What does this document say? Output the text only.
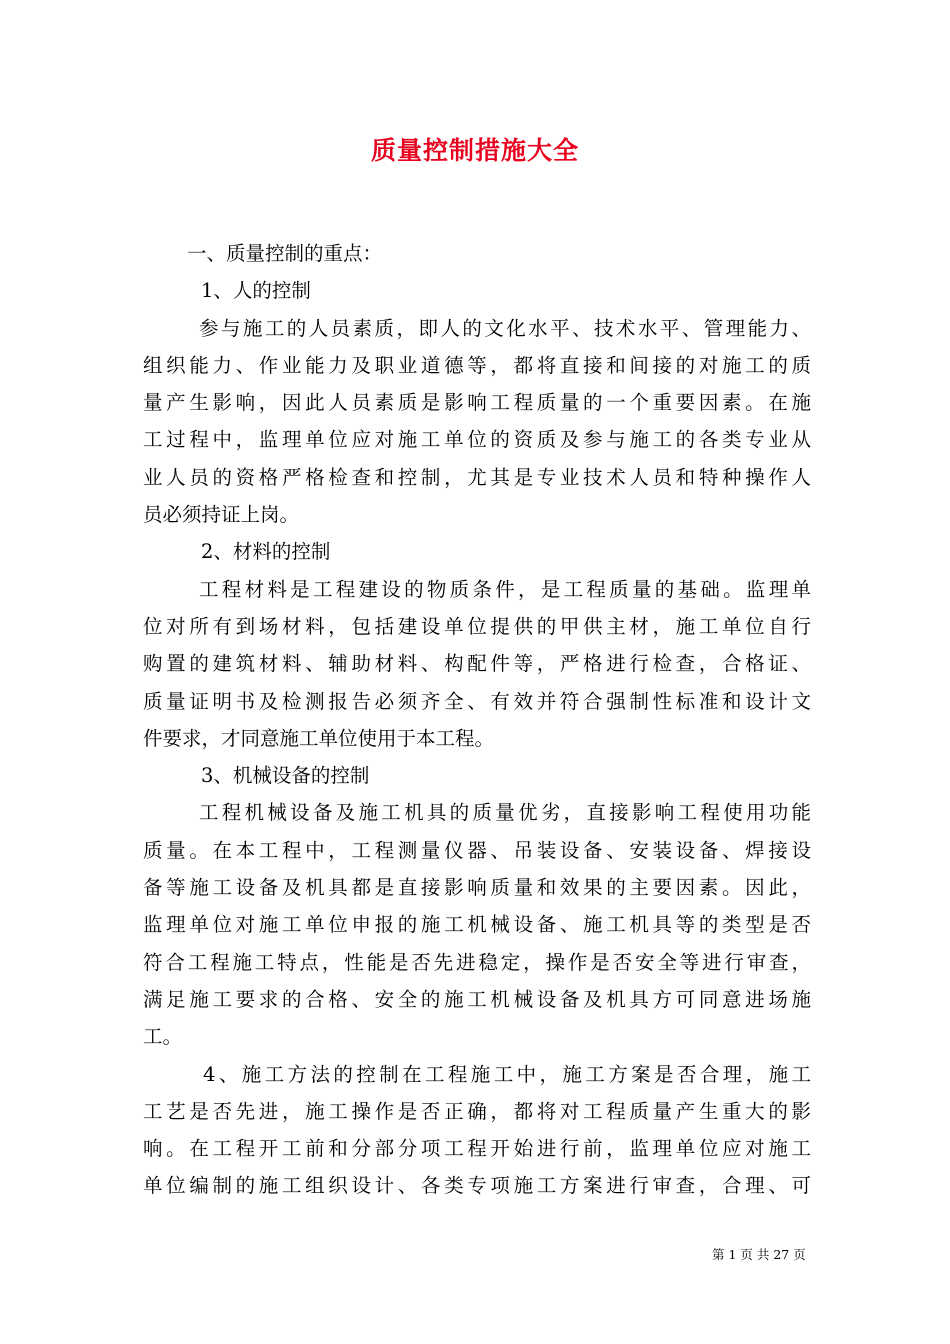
质量控制措施大全
一、质量控制的重点：
1、人的控制
参与施工的人员素质，即人的文化水平、技术水平、管理能力、
组织能力、作业能力及职业道德等，都将直接和间接的对施工的质
量产生影响，因此人员素质是影响工程质量的一个重要因素。在施
工过程中，监理单位应对施工单位的资质及参与施工的各类专业从
业人员的资格严格检查和控制，尤其是专业技术人员和特种操作人
员必须持证上岗。
2、材料的控制
工程材料是工程建设的物质条件，是工程质量的基础。监理单
位对所有到场材料，包括建设单位提供的甲供主材，施工单位自行
购置的建筑材料、辅助材料、构配件等，严格进行检查，合格证、
质量证明书及检测报告必须齐全、有效并符合强制性标准和设计文
件要求，才同意施工单位使用于本工程。
3、机械设备的控制
工程机械设备及施工机具的质量优劣，直接影响工程使用功能
质量。在本工程中，工程测量仪器、吊装设备、安装设备、焊接设
备等施工设备及机具都是直接影响质量和效果的主要因素。因此，
监理单位对施工单位申报的施工机械设备、施工机具等的类型是否
符合工程施工特点，性能是否先进稳定，操作是否安全等进行审查，
满足施工要求的合格、安全的施工机械设备及机具方可同意进场施
工。
4、施工方法的控制在工程施工中，施工方案是否合理，施工
工艺是否先进，施工操作是否正确，都将对工程质量产生重大的影
响。在工程开工前和分部分项工程开始进行前，监理单位应对施工
单位编制的施工组织设计、各类专项施工方案进行审查，合理、可
第 1 页 共 27 页
